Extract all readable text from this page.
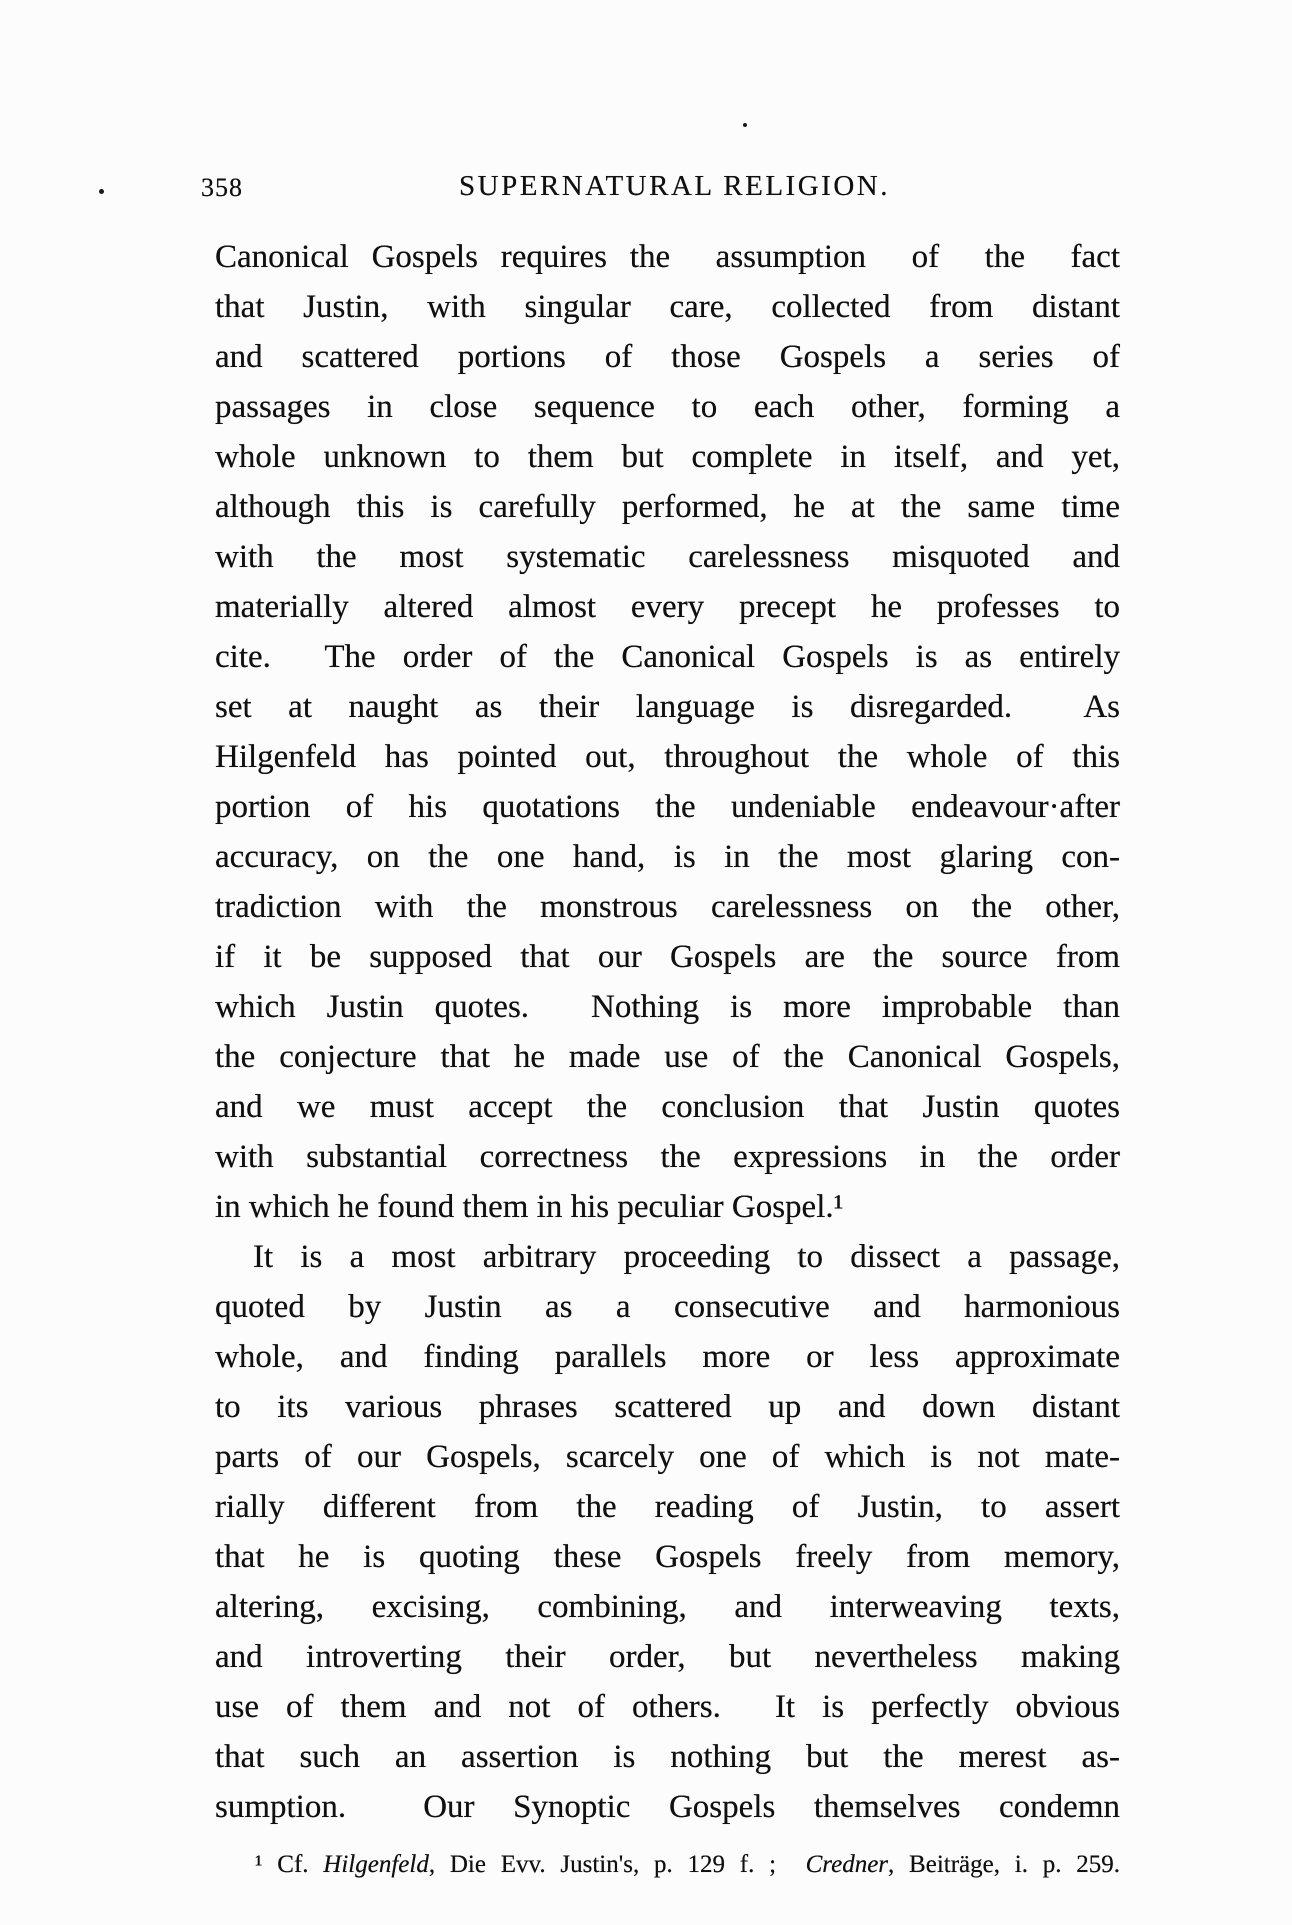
358	SUPERNATURAL RELIGION.
Canonical Gospels requires the  assumption  of  the  fact
that Justin, with singular care, collected from distant
and scattered portions of those Gospels a series of
passages in close sequence to each other, forming a
whole unknown to them but complete in itself, and yet,
although this is carefully performed, he at the same time
with the most systematic carelessness misquoted and
materially altered almost every precept he professes to
cite.  The order of the Canonical Gospels is as entirely
set at naught as their language is disregarded.  As
Hilgenfeld has pointed out, throughout the whole of this
portion of his quotations the undeniable endeavour·after
accuracy, on the one hand, is in the most glaring con-
tradiction with the monstrous carelessness on the other,
if it be supposed that our Gospels are the source from
which Justin quotes.  Nothing is more improbable than
the conjecture that he made use of the Canonical Gospels,
and we must accept the conclusion that Justin quotes
with substantial correctness the expressions in the order
in which he found them in his peculiar Gospel.¹
It is a most arbitrary proceeding to dissect a passage,
quoted by Justin as a consecutive and harmonious
whole, and finding parallels more or less approximate
to its various phrases scattered up and down distant
parts of our Gospels, scarcely one of which is not mate-
rially different from the reading of Justin, to assert
that he is quoting these Gospels freely from memory,
altering, excising, combining, and interweaving texts,
and introverting their order, but nevertheless making
use of them and not of others.  It is perfectly obvious
that such an assertion is nothing but the merest as-
sumption.  Our Synoptic Gospels themselves condemn
¹ Cf. Hilgenfeld, Die Evv. Justin's, p. 129 f. ;  Credner, Beiträge, i. p. 259.
